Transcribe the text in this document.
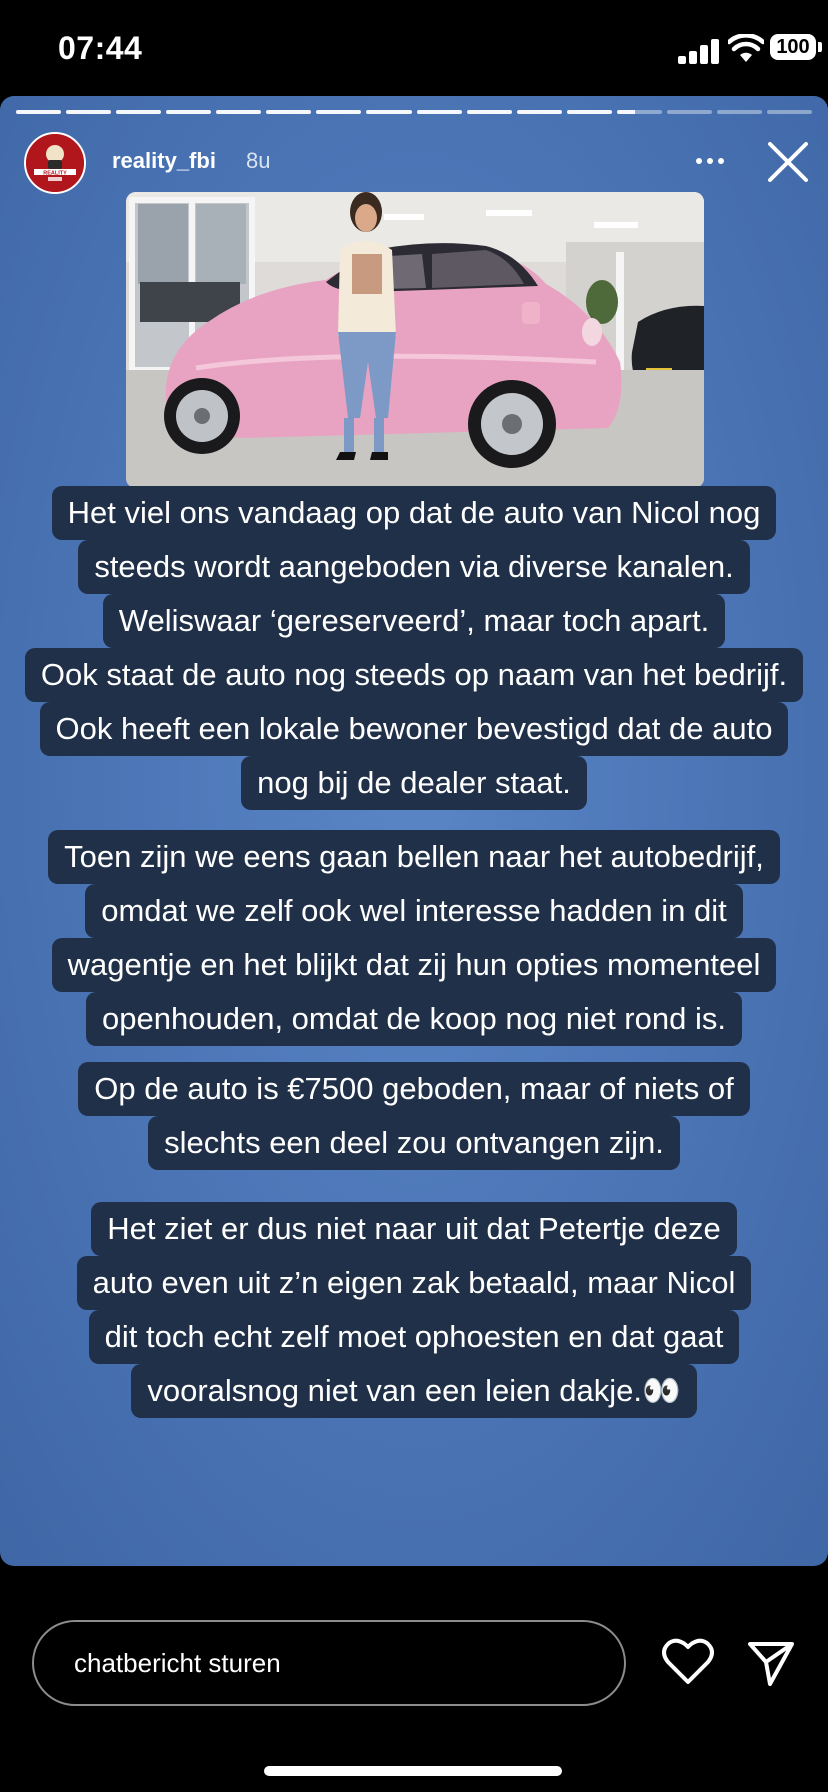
07:44	100
REALITY
reality_fbi 8u
Het viel ons vandaag op dat de auto van Nicol nog
steeds wordt aangeboden via diverse kanalen.
Weliswaar ‘gereserveerd’, maar toch apart.
Ook staat de auto nog steeds op naam van het bedrijf.
Ook heeft een lokale bewoner bevestigd dat de auto
nog bij de dealer staat.
Toen zijn we eens gaan bellen naar het autobedrijf,
omdat we zelf ook wel interesse hadden in dit
wagentje en het blijkt dat zij hun opties momenteel
openhouden, omdat de koop nog niet rond is.
Op de auto is €7500 geboden, maar of niets of
slechts een deel zou ontvangen zijn.
Het ziet er dus niet naar uit dat Petertje deze
auto even uit z’n eigen zak betaald, maar Nicol
dit toch echt zelf moet ophoesten en dat gaat
vooralsnog niet van een leien dakje.👀
chatbericht sturen
